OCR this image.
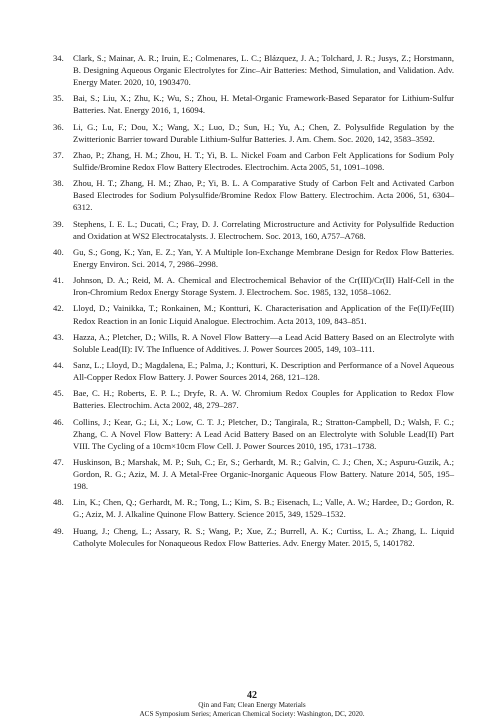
34.	Clark, S.; Mainar, A. R.; Iruin, E.; Colmenares, L. C.; Blázquez, J. A.; Tolchard, J. R.; Jusys, Z.; Horstmann, B. Designing Aqueous Organic Electrolytes for Zinc–Air Batteries: Method, Simulation, and Validation. Adv. Energy Mater. 2020, 10, 1903470.
35.	Bai, S.; Liu, X.; Zhu, K.; Wu, S.; Zhou, H. Metal-Organic Framework-Based Separator for Lithium-Sulfur Batteries. Nat. Energy 2016, 1, 16094.
36.	Li, G.; Lu, F.; Dou, X.; Wang, X.; Luo, D.; Sun, H.; Yu, A.; Chen, Z. Polysulfide Regulation by the Zwitterionic Barrier toward Durable Lithium-Sulfur Batteries. J. Am. Chem. Soc. 2020, 142, 3583–3592.
37.	Zhao, P.; Zhang, H. M.; Zhou, H. T.; Yi, B. L. Nickel Foam and Carbon Felt Applications for Sodium Poly Sulfide/Bromine Redox Flow Battery Electrodes. Electrochim. Acta 2005, 51, 1091–1098.
38.	Zhou, H. T.; Zhang, H. M.; Zhao, P.; Yi, B. L. A Comparative Study of Carbon Felt and Activated Carbon Based Electrodes for Sodium Polysulfide/Bromine Redox Flow Battery. Electrochim. Acta 2006, 51, 6304–6312.
39.	Stephens, I. E. L.; Ducati, C.; Fray, D. J. Correlating Microstructure and Activity for Polysulfide Reduction and Oxidation at WS2 Electrocatalysts. J. Electrochem. Soc. 2013, 160, A757–A768.
40.	Gu, S.; Gong, K.; Yan, E. Z.; Yan, Y. A Multiple Ion-Exchange Membrane Design for Redox Flow Batteries. Energy Environ. Sci. 2014, 7, 2986–2998.
41.	Johnson, D. A.; Reid, M. A. Chemical and Electrochemical Behavior of the Cr(III)/Cr(II) Half-Cell in the Iron-Chromium Redox Energy Storage System. J. Electrochem. Soc. 1985, 132, 1058–1062.
42.	Lloyd, D.; Vainikka, T.; Ronkainen, M.; Kontturi, K. Characterisation and Application of the Fe(II)/Fe(III) Redox Reaction in an Ionic Liquid Analogue. Electrochim. Acta 2013, 109, 843–851.
43.	Hazza, A.; Pletcher, D.; Wills, R. A Novel Flow Battery—a Lead Acid Battery Based on an Electrolyte with Soluble Lead(II): IV. The Influence of Additives. J. Power Sources 2005, 149, 103–111.
44.	Sanz, L.; Lloyd, D.; Magdalena, E.; Palma, J.; Kontturi, K. Description and Performance of a Novel Aqueous All-Copper Redox Flow Battery. J. Power Sources 2014, 268, 121–128.
45.	Bae, C. H.; Roberts, E. P. L.; Dryfe, R. A. W. Chromium Redox Couples for Application to Redox Flow Batteries. Electrochim. Acta 2002, 48, 279–287.
46.	Collins, J.; Kear, G.; Li, X.; Low, C. T. J.; Pletcher, D.; Tangirala, R.; Stratton-Campbell, D.; Walsh, F. C.; Zhang, C. A Novel Flow Battery: A Lead Acid Battery Based on an Electrolyte with Soluble Lead(II) Part VIII. The Cycling of a 10cm×10cm Flow Cell. J. Power Sources 2010, 195, 1731–1738.
47.	Huskinson, B.; Marshak, M. P.; Suh, C.; Er, S.; Gerhardt, M. R.; Galvin, C. J.; Chen, X.; Aspuru-Guzik, A.; Gordon, R. G.; Aziz, M. J. A Metal-Free Organic-Inorganic Aqueous Flow Battery. Nature 2014, 505, 195–198.
48.	Lin, K.; Chen, Q.; Gerhardt, M. R.; Tong, L.; Kim, S. B.; Eisenach, L.; Valle, A. W.; Hardee, D.; Gordon, R. G.; Aziz, M. J. Alkaline Quinone Flow Battery. Science 2015, 349, 1529–1532.
49.	Huang, J.; Cheng, L.; Assary, R. S.; Wang, P.; Xue, Z.; Burrell, A. K.; Curtiss, L. A.; Zhang, L. Liquid Catholyte Molecules for Nonaqueous Redox Flow Batteries. Adv. Energy Mater. 2015, 5, 1401782.
42
Qin and Fan; Clean Energy Materials
ACS Symposium Series; American Chemical Society: Washington, DC, 2020.
